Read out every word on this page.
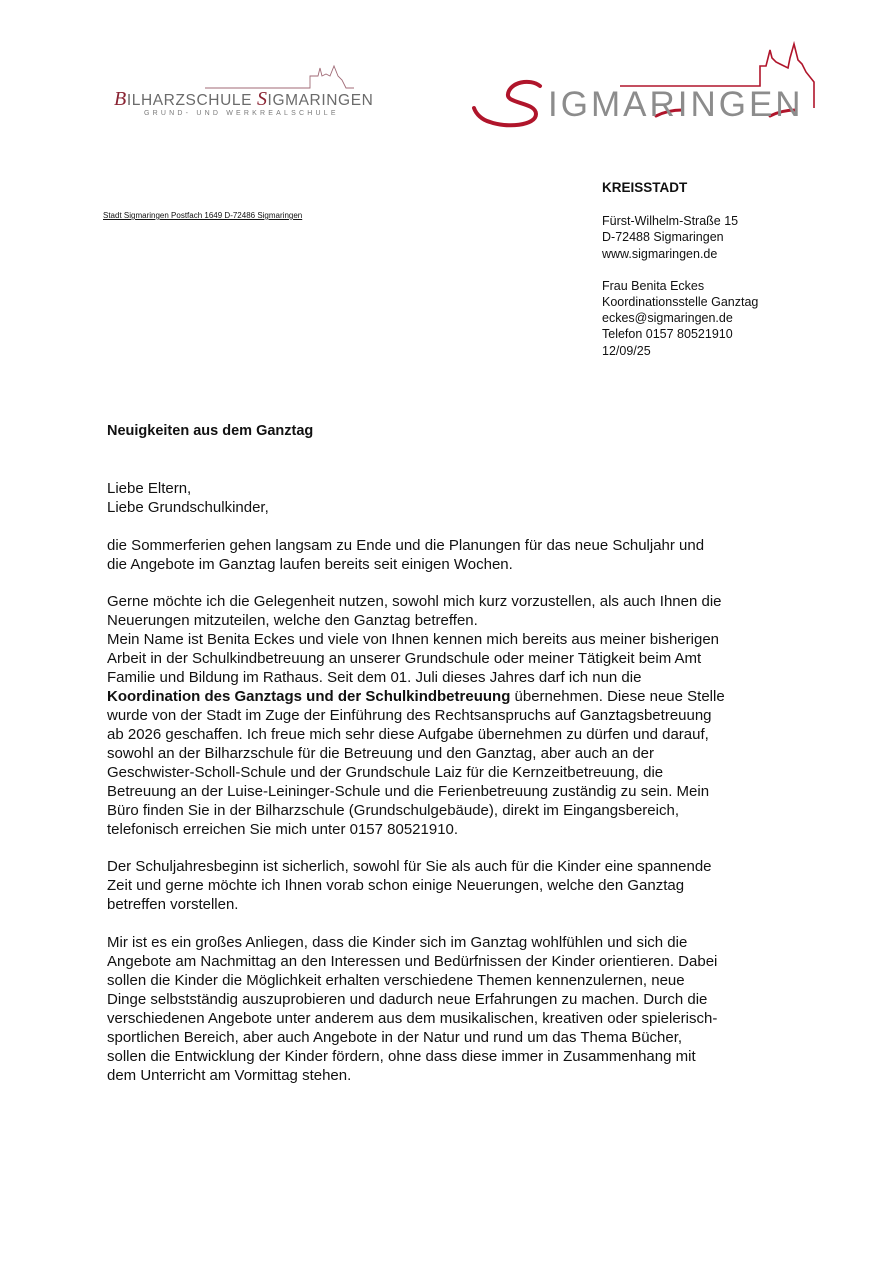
BILHARZSCHULE SIGMARINGEN
GRUND- UND WERKREALSCHULE	IGMARINGEN
Stadt Sigmaringen Postfach 1649 D-72486 Sigmaringen
KREISSTADT
Fürst-Wilhelm-Straße 15
D-72488 Sigmaringen
www.sigmaringen.de
Frau Benita Eckes
Koordinationsstelle Ganztag
eckes@sigmaringen.de
Telefon 0157 80521910
12/09/25
Neuigkeiten aus dem Ganztag
Liebe Eltern,
Liebe Grundschulkinder,
die Sommerferien gehen langsam zu Ende und die Planungen für das neue Schuljahr und
die Angebote im Ganztag laufen bereits seit einigen Wochen.
Gerne möchte ich die Gelegenheit nutzen, sowohl mich kurz vorzustellen, als auch Ihnen die
Neuerungen mitzuteilen, welche den Ganztag betreffen.
Mein Name ist Benita Eckes und viele von Ihnen kennen mich bereits aus meiner bisherigen
Arbeit in der Schulkindbetreuung an unserer Grundschule oder meiner Tätigkeit beim Amt
Familie und Bildung im Rathaus. Seit dem 01. Juli dieses Jahres darf ich nun die
Koordination des Ganztags und der Schulkindbetreuung übernehmen. Diese neue Stelle
wurde von der Stadt im Zuge der Einführung des Rechtsanspruchs auf Ganztagsbetreuung
ab 2026 geschaffen. Ich freue mich sehr diese Aufgabe übernehmen zu dürfen und darauf,
sowohl an der Bilharzschule für die Betreuung und den Ganztag, aber auch an der
Geschwister-Scholl-Schule und der Grundschule Laiz für die Kernzeitbetreuung, die
Betreuung an der Luise-Leininger-Schule und die Ferienbetreuung zuständig zu sein. Mein
Büro finden Sie in der Bilharzschule (Grundschulgebäude), direkt im Eingangsbereich,
telefonisch erreichen Sie mich unter 0157 80521910.
Der Schuljahresbeginn ist sicherlich, sowohl für Sie als auch für die Kinder eine spannende
Zeit und gerne möchte ich Ihnen vorab schon einige Neuerungen, welche den Ganztag
betreffen vorstellen.
Mir ist es ein großes Anliegen, dass die Kinder sich im Ganztag wohlfühlen und sich die
Angebote am Nachmittag an den Interessen und Bedürfnissen der Kinder orientieren. Dabei
sollen die Kinder die Möglichkeit erhalten verschiedene Themen kennenzulernen, neue
Dinge selbstständig auszuprobieren und dadurch neue Erfahrungen zu machen. Durch die
verschiedenen Angebote unter anderem aus dem musikalischen, kreativen oder spielerisch-
sportlichen Bereich, aber auch Angebote in der Natur und rund um das Thema Bücher,
sollen die Entwicklung der Kinder fördern, ohne dass diese immer in Zusammenhang mit
dem Unterricht am Vormittag stehen.
